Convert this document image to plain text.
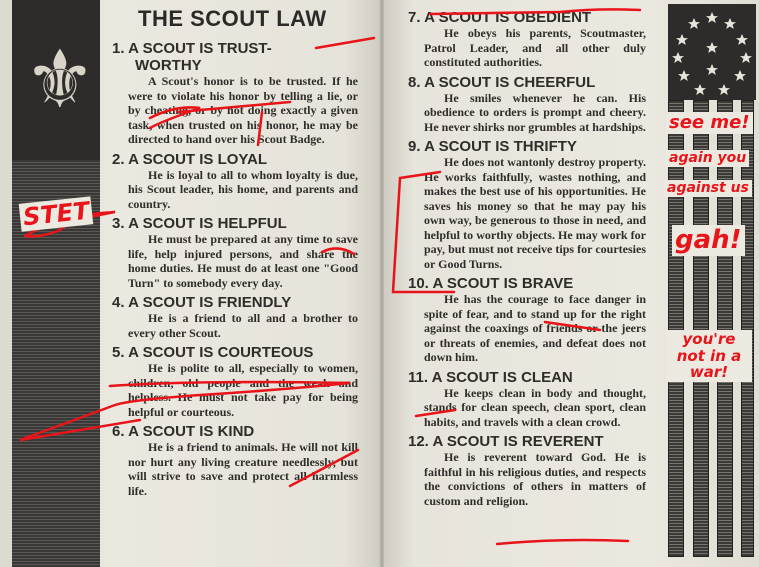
⚜
THE SCOUT LAW
1. A SCOUT IS TRUST-
WORTHY
A Scout's honor is to be trusted. If he were to violate his honor by telling a lie, or by cheating, or by not doing exactly a given task, when trusted on his honor, he may be directed to hand over his Scout Badge.
2. A SCOUT IS LOYAL
He is loyal to all to whom loyalty is due, his Scout leader, his home, and parents and country.
3. A SCOUT IS HELPFUL
He must be prepared at any time to save life, help injured persons, and share the home duties. He must do at least one "Good Turn" to somebody every day.
4. A SCOUT IS FRIENDLY
He is a friend to all and a brother to every other Scout.
5. A SCOUT IS COURTEOUS
He is polite to all, especially to women, children, old people and the weak and helpless. He must not take pay for being helpful or courteous.
6. A SCOUT IS KIND
He is a friend to animals. He will not kill nor hurt any living creature needlessly, but will strive to save and protect all harmless life.
7. A SCOUT IS OBEDIENT
He obeys his parents, Scoutmaster, Patrol Leader, and all other duly constituted authorities.
8. A SCOUT IS CHEERFUL
He smiles whenever he can. His obedience to orders is prompt and cheery. He never shirks nor grumbles at hardships.
9. A SCOUT IS THRIFTY
He does not wantonly destroy property. He works faithfully, wastes nothing, and makes the best use of his opportunities. He saves his money so that he may pay his own way, be generous to those in need, and helpful to worthy objects. He may work for pay, but must not receive tips for courtesies or Good Turns.
10. A SCOUT IS BRAVE
He has the courage to face danger in spite of fear, and to stand up for the right against the coaxings of friends or the jeers or threats of enemies, and defeat does not down him.
11. A SCOUT IS CLEAN
He keeps clean in body and thought, stands for clean speech, clean sport, clean habits, and travels with a clean crowd.
12. A SCOUT IS REVERENT
He is reverent toward God. He is faithful in his religious duties, and respects the convictions of others in matters of custom and religion.
STET
see me!
again you
against us
gah!
you're not in a war!
